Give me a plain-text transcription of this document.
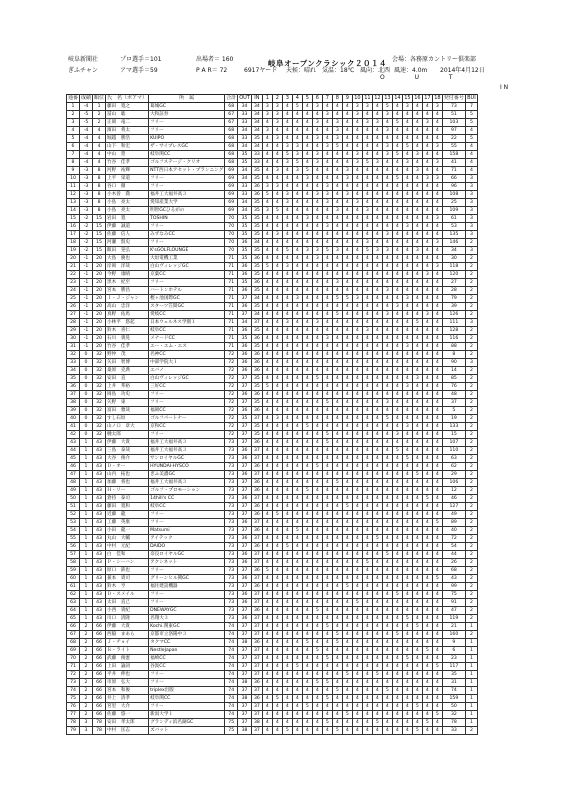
岐阜新聞社
ぎふチャン
プロ選手＝101
アマ選手＝59
出場者＝ 160
P A R＝ 72	6917ヤード
岐阜オープンクラシック２０１４ 会場：各務原カントリー倶楽部
天候：晴れ 気温：18℃ 風向：北西 風速：4.0m 2014年4月12日
O U T
I N
通番	成績	順位	氏　名（ボアマ）	所　属	合計	OUT	IN	1	2	3	4	5	6	7	8	9	10	11	12	13	14	15	16	17	18	発付番号	BUI
1	-4	1	藤田　寛之	葛城GC	68	34	34	3	3	4	5	4	3	4	4	4	3	3	4	5	4	3	4	4	3	73	7
2	-5	2	冨山　聡	大和証券	67	33	34	3	3	4	4	4	4	3	4	4	3	4	4	3	4	4	4	4	4	51	5
3	-5	2	正岡　竜二	フリー	67	33	34	4	3	4	4	4	3	4	3	4	4	3	3	4	5	4	4	3	4	103	5
4	-4	4	濱田　将太	フリー	68	34	34	3	4	4	4	4	4	4	3	4	4	4	4	3	4	4	4	4	4	97	4
5	-4	4	堀越　勝浩	KUIPO	68	33	35	4	3	4	4	4	3	4	3	4	4	4	4	4	4	4	4	4	4	22	5
6	-4	4	山下　和宏	ザ・サイプレスGC	68	34	34	4	4	3	3	4	4	3	5	4	4	4	4	3	4	5	4	4	3	55	4
7	-4	4	中山　豊	岐阜関CC	68	35	33	4	4	5	3	4	3	4	4	4	3	4	4	3	5	4	3	4	4	158	4
8	-4	4	竹谷　佳孝	ゴルフステージ・クリオ	68	35	33	4	4	3	5	4	3	4	4	4	3	5	3	4	4	3	4	4	3	41	4
9	-3	8	河野　祐輝	NTT西日本アセット・プランニング	69	34	35	4	3	4	3	5	4	4	4	3	4	4	4	4	4	4	3	4	4	71	4
10	-3	8	上平　栄道	フリー	69	34	35	4	4	4	4	3	4	4	4	3	4	4	4	4	5	4	4	3	3	66	3
11	-3	8	谷口　徹	フリー	69	33	36	3	3	4	4	4	4	3	4	4	4	4	4	4	4	4	4	4	4	96	3
12	-3	8	小木曽　喬	福井工大福井高３	69	33	36	5	4	3	4	4	3	3	4	3	4	4	4	4	4	4	4	4	4	108	3
13	-3	8	小島　亮太	愛知産業大学	69	34	35	4	4	3	4	4	4	3	4	4	3	4	4	4	4	4	4	4	4	25	3
14	-3	8	小島　亮太	明智GCひるがの	69	34	35	3	5	4	4	4	4	4	3	4	4	3	4	4	4	4	4	4	4	109	3
15	-2	15	岩田　寛	TOSHIN	70	35	35	4	4	4	4	3	4	4	4	4	4	4	4	4	4	4	4	4	3	61	3
16	-2	15	伊藤　誠道	フリー	70	35	35	4	4	4	4	4	4	3	4	4	4	4	4	4	4	3	4	4	4	53	3
17	-2	15	佐藤　信人	みずなみCC	70	35	35	4	3	4	4	4	4	4	4	4	4	4	4	3	4	4	4	4	4	135	3
18	-2	15	河瀬　賢史	フリー	70	36	34	4	4	4	4	4	4	4	4	4	4	3	4	4	4	4	4	4	3	146	2
19	-2	15	飯田　晃弘	K'sGOLFLOUNGE	70	35	35	4	4	5	4	3	3	5	3	4	4	5	3	3	4	4	3	4	4	34	3
20	-1	20	大島　慶也	大垣電機工業	71	35	36	4	4	4	4	4	3	4	4	4	4	4	4	4	4	4	4	4	4	30	2
21	-1	20	岸岡　洋哉	白山ヴィレッジGC	71	36	35	5	4	3	4	4	4	4	4	4	4	4	4	4	4	4	4	4	3	118	2
22	-1	20	今野　康晴	京葉CC	71	36	35	4	4	4	4	4	4	4	4	4	4	4	4	4	4	4	4	3	4	120	2
23	-1	20	黒木　紀至	フリー	71	35	36	4	4	4	4	4	4	4	3	4	4	4	4	4	4	4	4	4	4	27	2
24	-1	20	宮本　勝昌	ハートンホテル	71	36	35	4	4	4	4	4	4	4	4	4	4	4	4	3	4	4	4	4	4	28	2
25	-1	20	Ｉ・Ｊ・ジャン	樫ヶ池国際GC	71	37	34	4	4	4	3	4	4	4	5	5	3	4	4	4	4	3	4	4	4	79	2
26	-1	20	高山　忠洋	スターツ笠間GC	71	36	35	4	4	4	4	4	4	4	4	4	4	4	4	4	3	4	4	4	4	39	2
27	-1	20	真野　佑馬	愛岐CC	71	37	34	4	4	4	4	4	4	4	5	4	4	4	4	3	4	4	4	3	4	126	2
28	-1	20	小林平　悠起	日本ウェルネス学園１	71	34	37	4	4	3	4	4	3	4	4	4	4	4	4	4	4	4	5	4	4	111	3
29	-1	20	鈴木　喜仁	岐阜CC	71	36	35	4	4	4	4	4	4	4	4	4	4	3	4	4	4	4	4	4	4	128	2
30	-1	20	石川　義晃	メナードCC	71	35	36	4	4	4	4	4	4	3	4	4	4	4	4	4	4	4	4	4	4	116	2
31	-1	20	竹谷　佳孝	エー・エム・エス	71	36	35	4	4	4	4	4	4	4	4	4	4	4	4	4	4	3	4	4	4	88	2
32	0	32	野仲　茂	名神CC	72	36	36	4	4	4	4	4	4	4	4	4	4	4	4	4	4	4	4	4	4	8	2
33	0	32	矢田　智博	中部学院大１	72	36	36	4	4	4	4	4	4	4	4	4	4	4	4	4	4	4	4	4	4	90	3
34	0	32	桑原　克典	エバノ	72	36	36	4	4	4	4	4	4	4	4	4	4	4	4	4	4	4	4	4	4	14	2
35	0	32	安田　直	白山ヴィレッジGC	72	37	35	4	4	4	4	4	5	4	4	4	4	4	4	4	4	4	3	4	4	85	2
36	0	32	上井　邦裕	三好CC	72	37	35	5	4	4	4	4	4	4	4	4	4	4	4	4	4	3	4	4	4	76	2
37	0	32	岡島　功史	フリー	72	36	36	4	4	4	4	4	4	4	4	4	4	4	4	4	4	4	4	4	4	48	2
38	0	32	矢野　東	フリー	72	37	35	4	4	4	4	4	4	5	4	4	4	4	4	3	4	4	4	4	4	37	2
39	0	32	富田　雅哉	福岡CC	72	36	36	4	4	4	4	4	4	4	4	4	4	4	4	4	4	4	4	4	4	5	2
40	0	32	すし石垣	ゴルフパートナー	72	35	37	4	3	4	4	4	4	4	4	4	4	4	4	5	4	4	4	4	4	19	2
41	0	32	山ノ口　章大	京和CC	72	37	35	4	4	4	4	5	4	4	4	4	4	4	4	4	4	3	4	4	4	133	2
42	0	32	樋太郎	フリー	72	37	35	4	4	4	4	4	4	5	4	4	4	4	4	4	3	4	4	4	4	15	2
43	1	43	伊藤　大貴	福井工大福井高３	73	37	36	4	4	4	4	4	4	5	4	4	4	4	4	4	4	4	4	4	4	107	2
44	1	43	三島　泰哉	福井工大福井高３	73	36	37	4	4	4	4	4	4	4	4	4	4	4	4	4	5	4	4	4	4	110	2
45	1	43	大谷　俊介	サンロイヤルGC	73	36	37	4	4	4	4	4	4	4	4	4	4	4	4	4	4	5	4	4	4	63	2
46	1	43	Ｄ・オー	HYUNDAI-HYSCO	73	37	36	4	4	4	4	4	5	4	4	4	4	4	4	4	4	4	4	4	4	62	2
47	1	43	山内　拓也	ぎふ美濃GC	73	36	37	4	4	4	4	4	4	4	4	4	4	4	4	4	4	4	5	4	4	29	2
48	1	43	加藤　将也	福井工大福井高３	73	37	36	4	4	4	4	4	4	4	5	4	4	4	4	4	4	4	4	4	4	106	2
49	1	43	Ｈ・リー	ゴルフ・プロモーション	73	37	36	4	4	4	4	5	4	4	4	4	4	4	4	4	4	4	4	4	4	12	2
50	1	43	倉持　泰司	14hill's CC	73	36	37	4	4	4	4	4	4	4	4	4	4	4	4	4	4	4	4	5	4	46	2
51	1	43	藤田　寛和	岐阜CC	73	37	36	4	4	4	4	4	4	4	4	5	4	4	4	4	4	4	4	4	4	127	2
52	1	43	近藤　龍	フリー	73	37	36	4	5	4	4	4	4	4	4	4	4	4	4	4	4	4	4	4	4	49	2
53	1	43	工藤　英康	フリー	73	36	37	4	4	4	4	4	4	4	4	4	4	4	4	4	4	4	4	4	5	89	2
54	1	43	小田　龍一	Matsumi	73	37	36	4	4	4	5	4	4	4	4	4	4	4	4	4	4	4	4	4	4	40	2
55	1	43	丸山　大輔	アイテック	73	36	37	4	4	4	4	4	4	4	4	4	4	4	5	4	4	4	4	4	4	72	2
56	1	43	中村　元紀	DAIDO	73	37	36	4	4	5	4	4	4	4	4	4	4	4	4	4	4	4	4	4	4	54	2
57	1	43	白　佳和	奈良ロイヤルGC	73	36	37	4	4	4	4	4	4	4	4	4	4	4	4	5	4	4	4	4	4	44	2
58	1	43	Ｐ・シーハン	アクシネット	73	36	37	4	4	4	4	4	4	4	4	4	4	5	4	4	4	4	4	4	4	26	2
59	1	43	原口　鉄也	フリー	73	37	36	5	4	4	4	4	4	4	4	4	4	4	4	4	4	4	4	4	4	68	2
60	1	43	兼本　貴司	グリーンヒル関GC	73	36	37	4	4	4	4	4	4	4	4	4	4	4	4	4	4	4	4	4	5	43	2
61	1	43	鈴木　亨	福住建設機器	73	37	36	4	4	4	4	4	4	4	4	5	4	4	4	4	4	4	4	4	4	99	2
62	1	43	Ｄ・スメイル	フリー	73	36	37	4	4	4	4	4	4	4	4	4	4	4	4	4	5	4	4	4	4	75	2
63	1	43	太田　直己	フリー	73	36	37	4	4	4	4	4	4	4	4	4	5	4	4	4	4	4	4	4	4	91	2
64	1	43	小西　貴紀	DNEWAYGC	73	37	36	4	4	4	4	4	5	4	4	4	4	4	4	4	4	4	4	4	4	47	2
65	1	43	川口　清隆	名翔大３	73	36	37	4	4	4	4	4	4	4	4	4	4	4	4	4	4	5	4	4	4	119	2
66	2	66	伊藤　大貴	Kochi.関東GC	74	37	37	4	4	4	4	4	4	5	4	4	4	4	4	4	4	4	5	4	4	21	1
67	2	66	西脇　まあら	京都市立洛陽中３	74	37	37	4	4	4	4	4	4	4	5	4	4	4	4	4	5	4	4	4	4	160	2
68	2	66	Ｊ・チョイ	タクマCC	74	38	36	4	4	4	4	5	4	4	5	4	4	4	4	4	4	4	4	4	4	9	1
69	2	66	Ｒ・ライト	NestleJapan	74	37	37	4	4	4	4	4	5	4	4	4	4	4	4	4	4	4	4	5	4	6	1
70	2	66	武藤　俊憲	福崎CC	74	37	37	4	4	4	4	4	4	5	4	4	4	4	4	4	4	5	4	4	4	23	1
71	2	66	上田　諭詞	谷汲CC	74	37	37	4	4	4	5	4	4	4	4	4	4	4	4	4	4	4	4	4	5	117	1
72	2	66	平井　伸也	フリー	74	37	37	4	4	4	4	4	4	4	4	5	4	4	5	4	4	4	4	4	4	35	1
73	2	66	市原　弘大	フリー	74	38	36	4	4	4	4	4	5	5	4	4	4	4	4	4	4	4	4	4	4	31	1
74	2	66	宮本　和俊	triplex出版	74	37	37	4	4	4	4	4	4	4	5	4	4	4	4	5	4	4	4	4	4	74	1
75	2	66	井上　清孝	岐阜関CC	74	38	36	4	5	4	4	4	4	5	4	4	4	4	4	4	4	4	4	4	4	159	1
76	2	66	宮里　大介	フリー	74	37	37	4	4	4	4	5	4	4	4	4	4	4	4	4	4	4	5	4	4	50	1
77	2	66	佐藤　悠一	新潟大学１	74	37	37	4	4	4	4	4	4	4	4	5	4	4	4	4	4	4	4	4	5	32	1
78	3	78	安田　孝太郎	グランディ浜名湖GC	75	37	38	4	4	4	4	4	4	5	4	4	4	4	5	4	4	4	4	5	4	78	1
79	3	78	中村　匡志	ズバット	75	38	37	4	4	5	4	4	4	4	5	4	4	4	4	4	4	4	5	4	4	33	2
